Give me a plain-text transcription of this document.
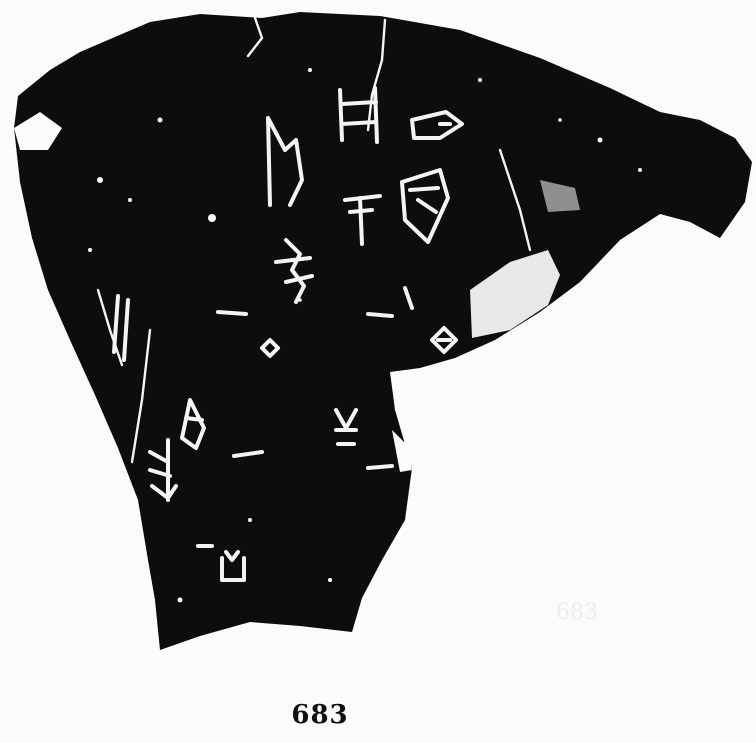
683
683
